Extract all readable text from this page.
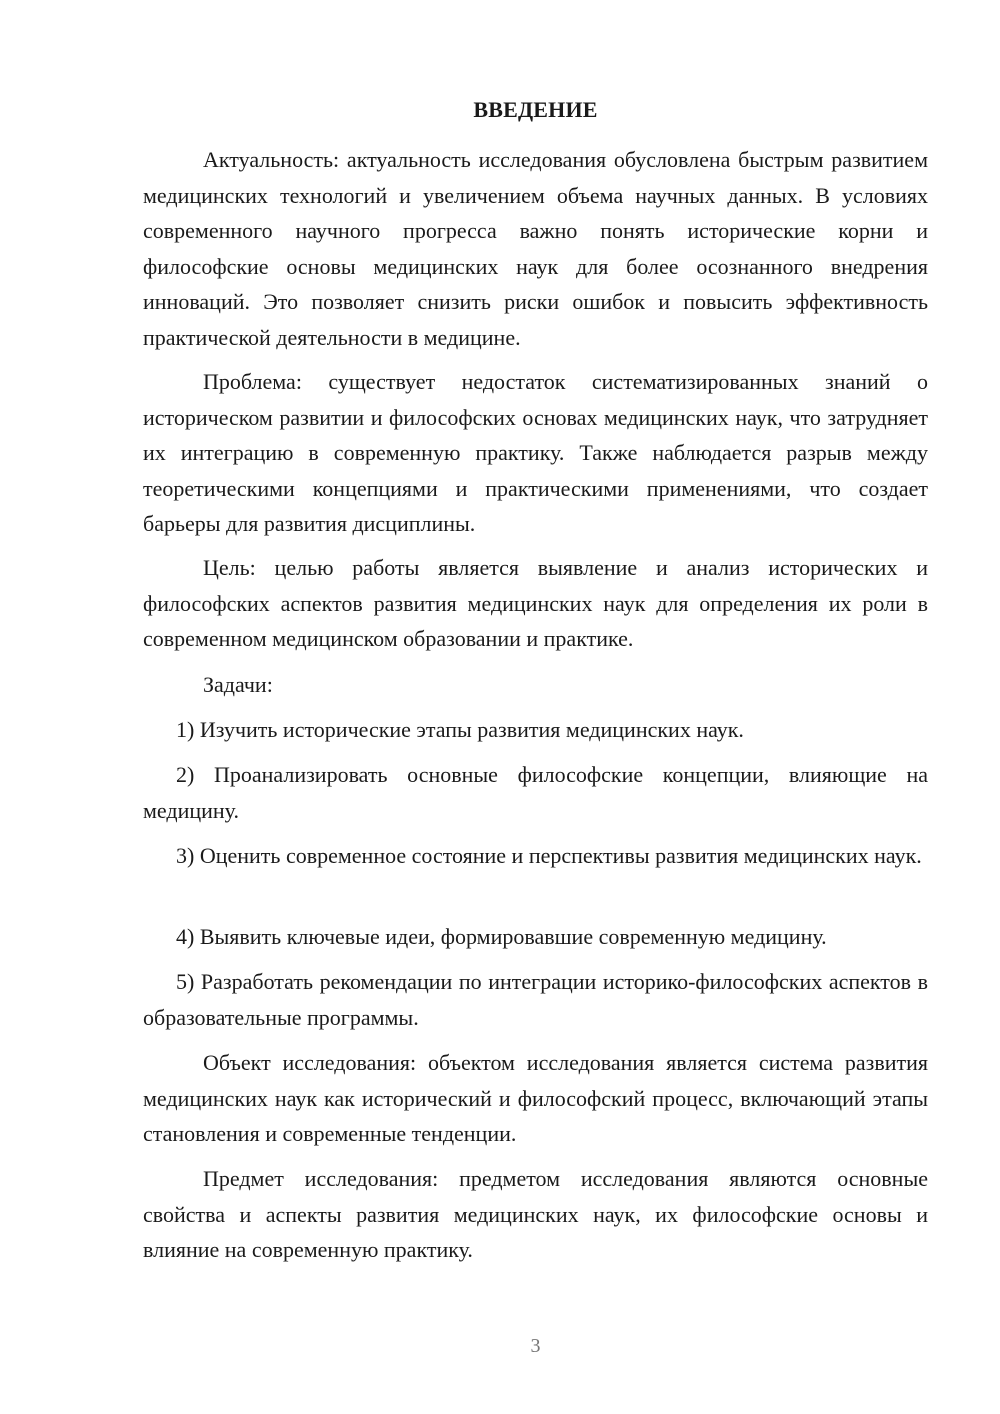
ВВЕДЕНИЕ

Актуальность: актуальность исследования обусловлена быстрым развитием медицинских технологий и увеличением объема научных данных. В условиях современного научного прогресса важно понять исторические корни и философские основы медицинских наук для более осознанного внедрения инноваций. Это позволяет снизить риски ошибок и повысить эффективность практической деятельности в медицине.

Проблема: существует недостаток систематизированных знаний о историческом развитии и философских основах медицинских наук, что затрудняет их интеграцию в современную практику. Также наблюдается разрыв между теоретическими концепциями и практическими применениями, что создает барьеры для развития дисциплины.

Цель: целью работы является выявление и анализ исторических и философских аспектов развития медицинских наук для определения их роли в современном медицинском образовании и практике.

Задачи:

1) Изучить исторические этапы развития медицинских наук.

2) Проанализировать основные философские концепции, влияющие на медицину.

3) Оценить современное состояние и перспективы развития медицинских наук.

4) Выявить ключевые идеи, формировавшие современную медицину.

5) Разработать рекомендации по интеграции историко-философских аспектов в образовательные программы.

Объект исследования: объектом исследования является система развития медицинских наук как исторический и философский процесс, включающий этапы становления и современные тенденции.

Предмет исследования: предметом исследования являются основные свойства и аспекты развития медицинских наук, их философские основы и влияние на современную практику.

3
